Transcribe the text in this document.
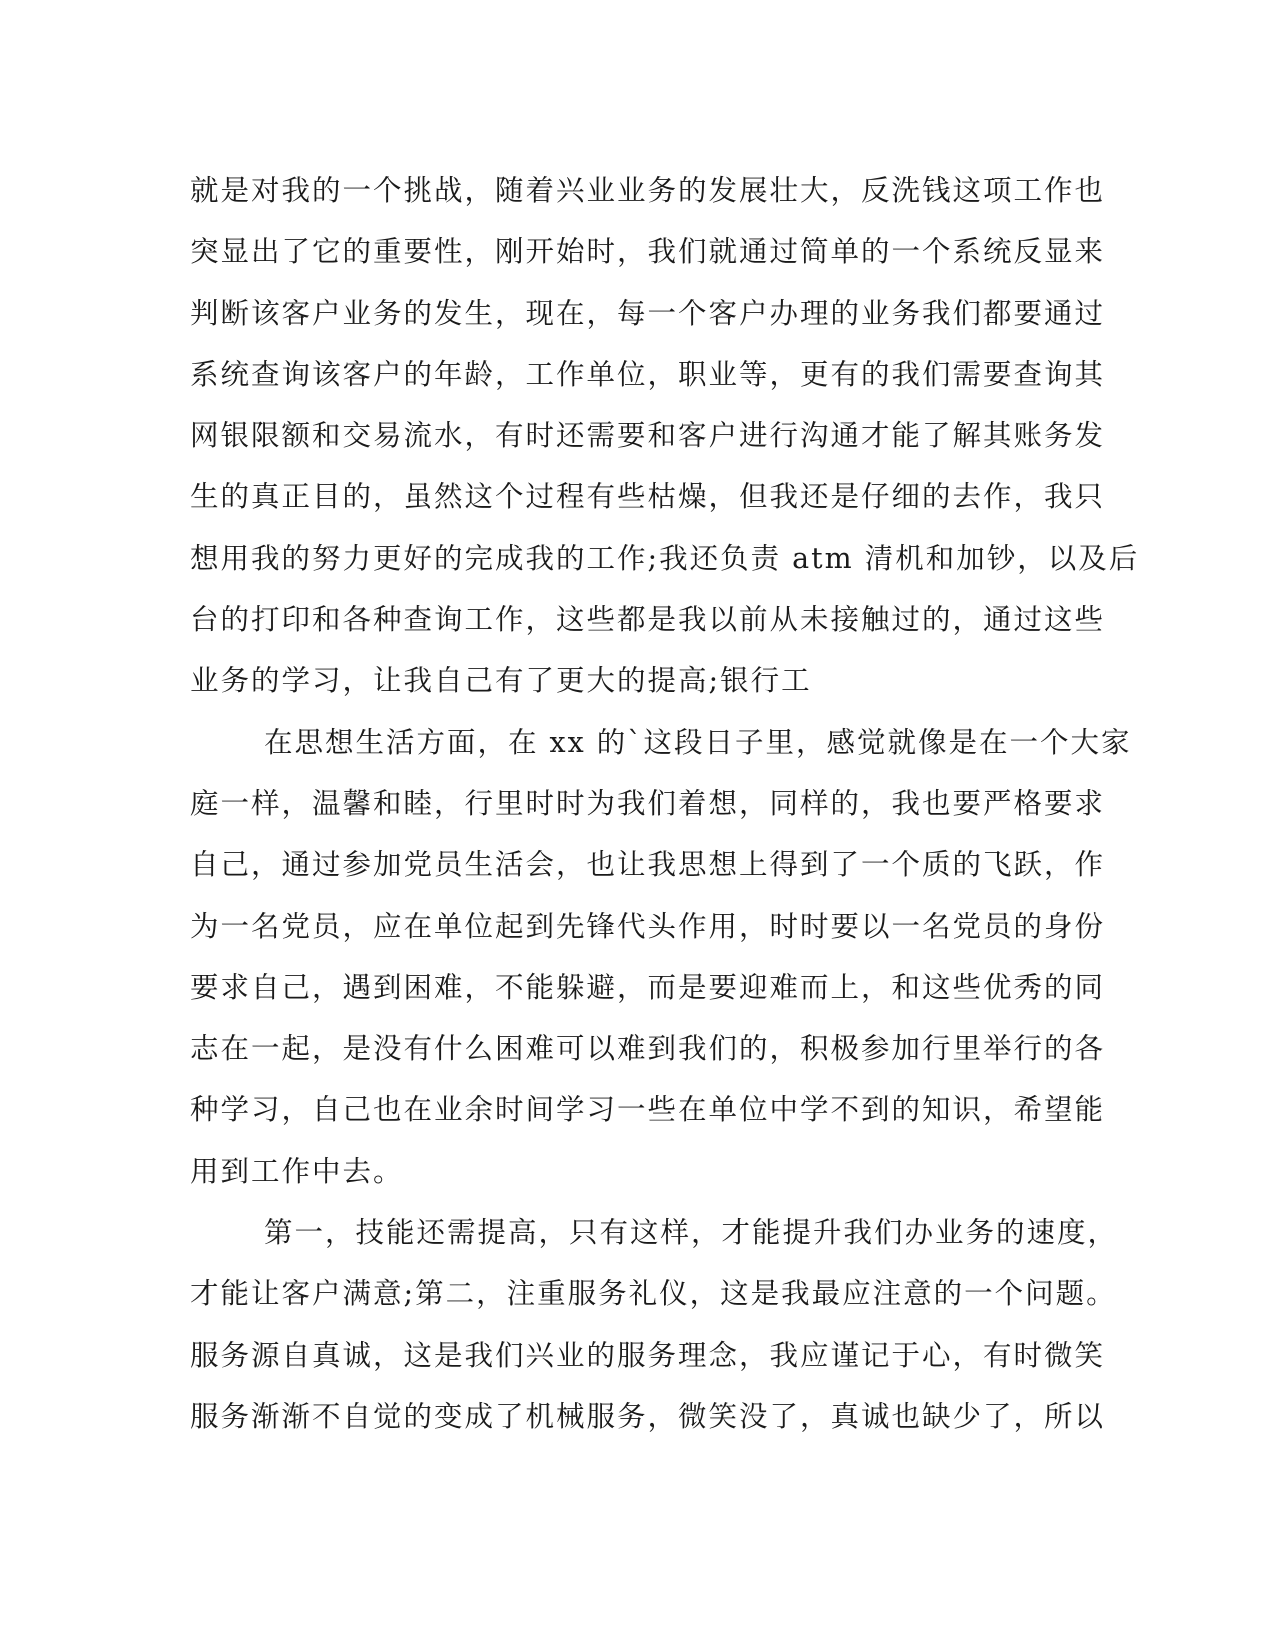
就是对我的一个挑战，随着兴业业务的发展壮大，反洗钱这项工作也
突显出了它的重要性，刚开始时，我们就通过简单的一个系统反显来
判断该客户业务的发生，现在，每一个客户办理的业务我们都要通过
系统查询该客户的年龄，工作单位，职业等，更有的我们需要查询其
网银限额和交易流水，有时还需要和客户进行沟通才能了解其账务发
生的真正目的，虽然这个过程有些枯燥，但我还是仔细的去作，我只
想用我的努力更好的完成我的工作;我还负责 atm 清机和加钞，以及后
台的打印和各种查询工作，这些都是我以前从未接触过的，通过这些
业务的学习，让我自己有了更大的提高;银行工
在思想生活方面，在 xx 的`这段日子里，感觉就像是在一个大家
庭一样，温馨和睦，行里时时为我们着想，同样的，我也要严格要求
自己，通过参加党员生活会，也让我思想上得到了一个质的飞跃，作
为一名党员，应在单位起到先锋代头作用，时时要以一名党员的身份
要求自己，遇到困难，不能躲避，而是要迎难而上，和这些优秀的同
志在一起，是没有什么困难可以难到我们的，积极参加行里举行的各
种学习，自己也在业余时间学习一些在单位中学不到的知识，希望能
用到工作中去。
第一，技能还需提高，只有这样，才能提升我们办业务的速度，
才能让客户满意;第二，注重服务礼仪，这是我最应注意的一个问题。
服务源自真诚，这是我们兴业的服务理念，我应谨记于心，有时微笑
服务渐渐不自觉的变成了机械服务，微笑没了，真诚也缺少了，所以
